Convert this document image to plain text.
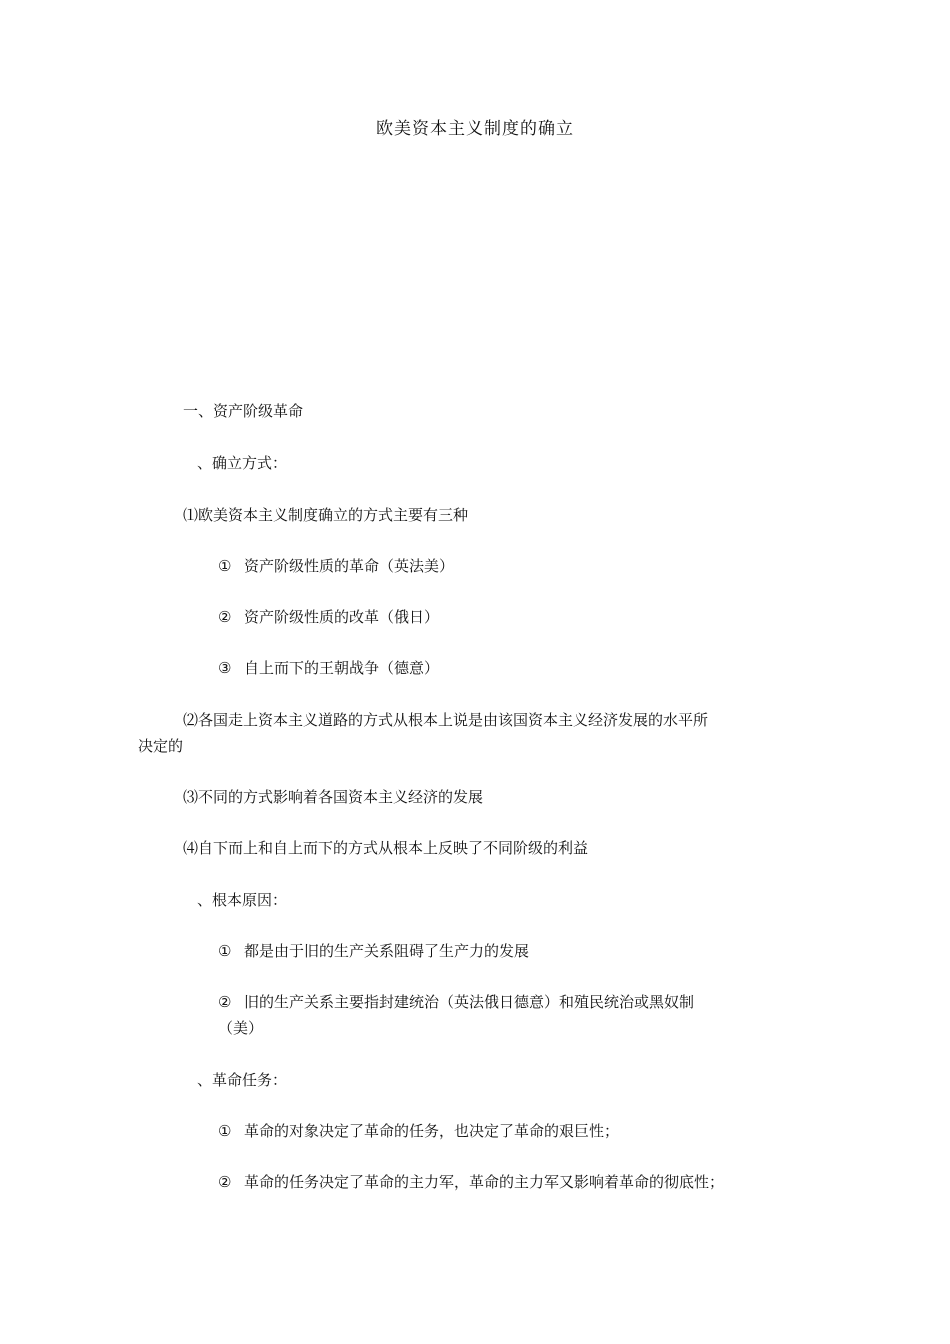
欧美资本主义制度的确立
一、资产阶级革命
、确立方式：
⑴欧美资本主义制度确立的方式主要有三种
① 资产阶级性质的革命（英法美）
② 资产阶级性质的改革（俄日）
③ 自上而下的王朝战争（德意）
⑵各国走上资本主义道路的方式从根本上说是由该国资本主义经济发展的水平所
决定的
⑶不同的方式影响着各国资本主义经济的发展
⑷自下而上和自上而下的方式从根本上反映了不同阶级的利益
、根本原因：
① 都是由于旧的生产关系阻碍了生产力的发展
② 旧的生产关系主要指封建统治（英法俄日德意）和殖民统治或黑奴制
（美）
、革命任务：
① 革命的对象决定了革命的任务，也决定了革命的艰巨性；
② 革命的任务决定了革命的主力军，革命的主力军又影响着革命的彻底性；
